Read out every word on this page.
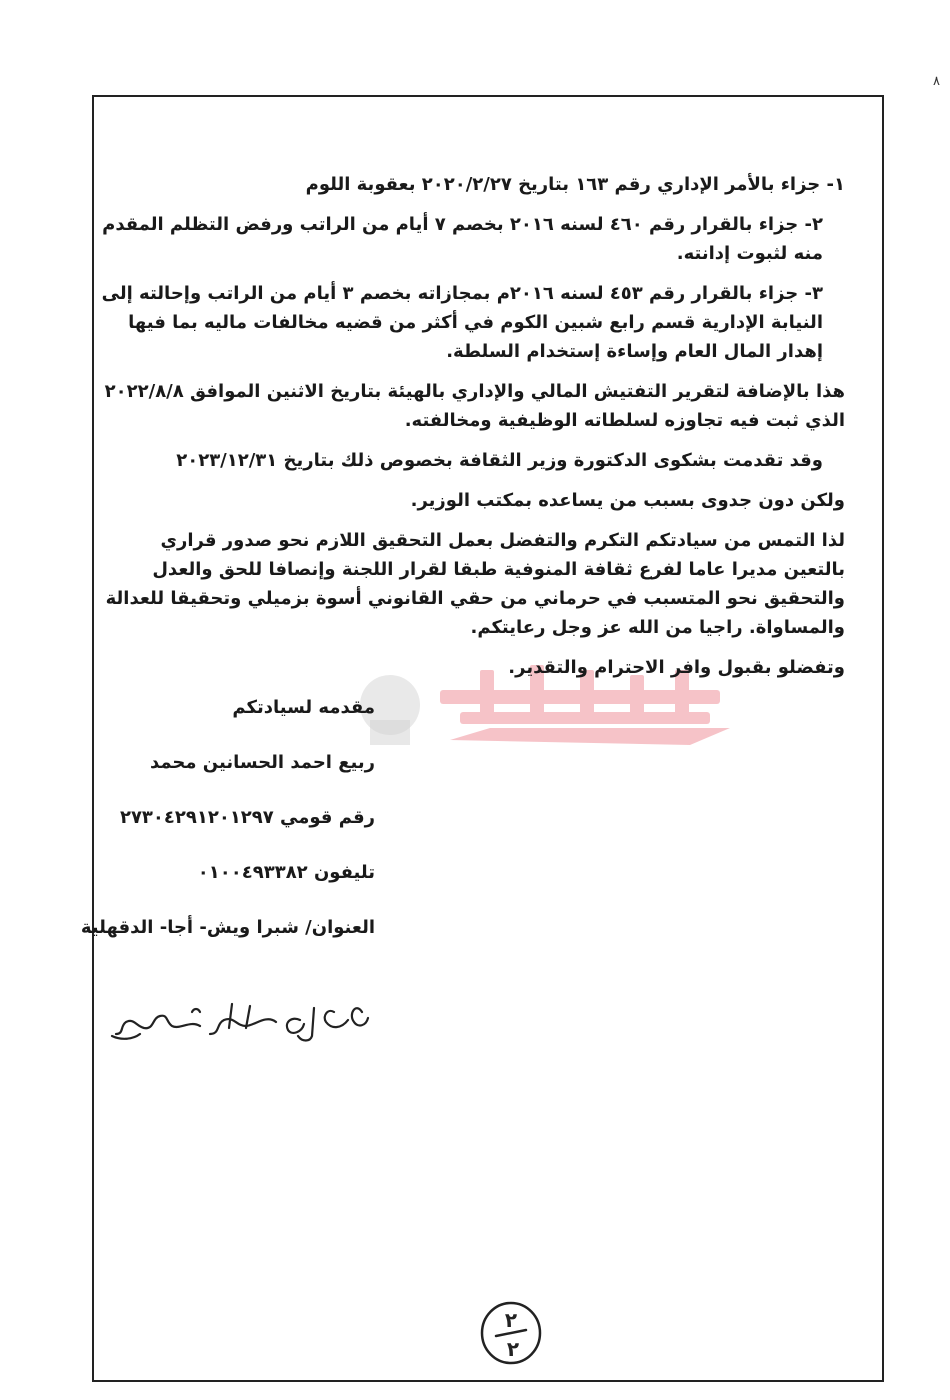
٨

١- جزاء بالأمر الإداري رقم ١٦٣ بتاريخ ٢٠٢٠/٢/٢٧ بعقوبة اللوم

٢- جزاء بالقرار رقم ٤٦٠ لسنه ٢٠١٦ بخصم ٧ أيام من الراتب ورفض التظلم المقدم منه لثبوت إدانته.

٣- جزاء بالقرار رقم ٤٥٣ لسنه ٢٠١٦م بمجازاته بخصم ٣ أيام من الراتب وإحالته إلى النيابة الإدارية قسم رابع شبين الكوم في أكثر من قضيه مخالفات ماليه بما فيها إهدار المال العام وإساءة إستخدام السلطة.

هذا بالإضافة لتقرير التفتيش المالي والإداري بالهيئة بتاريخ الاثنين الموافق ٢٠٢٢/٨/٨ الذي ثبت فيه تجاوزه لسلطاته الوظيفية ومخالفته.

وقد تقدمت بشكوى الدكتورة وزير الثقافة بخصوص ذلك بتاريخ ٢٠٢٣/١٢/٣١

ولكن دون جدوى بسبب من يساعده بمكتب الوزير.

لذا التمس من سيادتكم التكرم والتفضل بعمل التحقيق اللازم نحو صدور قراري بالتعين مديرا عاما لفرع ثقافة المنوفية طبقا لقرار اللجنة وإنصافا للحق والعدل والتحقيق نحو المتسبب في حرماني من حقي القانوني أسوة بزميلي وتحقيقا للعدالة والمساواة. راجيا من الله عز وجل رعايتكم.

وتفضلو بقبول وافر الاحترام والتقدير.

مقدمه لسيادتكم

ربيع احمد الحسانين محمد

رقم قومي ٢٧٣٠٤٢٩١٢٠١٢٩٧

تليفون ٠١٠٠٤٩٣٣٨٢

العنوان/ شبرا ويش- أجا- الدقهلية

٢
٢
